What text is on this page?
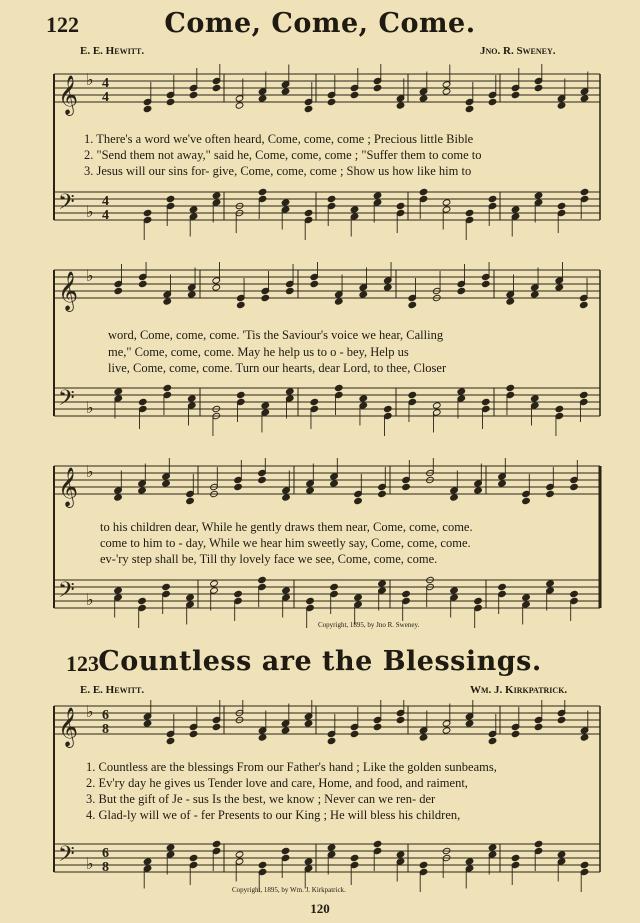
122	Come, Come, Come.
E. E. Hewitt.	Jno. R. Sweney.
𝄞 ♭ 4
4
𝄢 ♭
4
4
1. There's a word we've often heard, Come, come, come ; Precious little Bible
2. "Send them not away," said he, Come, come, come ; "Suffer them to come to
3. Jesus will our sins for- give, Come, come, come ; Show us how like him to
𝄞 ♭
𝄢 ♭
word, Come, come, come. 'Tis the Saviour's voice we hear, Calling
me," Come, come, come. May he help us to o - bey, Help us
live, Come, come, come. Turn our hearts, dear Lord, to thee, Closer
𝄞 ♭
𝄢 ♭
to his children dear, While he gently draws them near, Come, come, come.
come to him to - day, While we hear him sweetly say, Come, come, come.
ev-'ry step shall be, Till thy lovely face we see, Come, come, come.
Copyright, 1895, by Jno R. Sweney.
123 Countless are the Blessings.
E. E. Hewitt.	Wm. J. Kirkpatrick.
𝄞 ♭ 6
8
𝄢 ♭
6
8
1. Countless are the blessings From our Father's hand ; Like the golden sunbeams,
2. Ev'ry day he gives us Tender love and care, Home, and food, and raiment,
3. But the gift of Je - sus Is the best, we know ; Never can we ren- der
4. Glad-ly will we of - fer Presents to our King ; He will bless his children,
Copyright, 1895, by Wm. J. Kirkpatrick.
120
